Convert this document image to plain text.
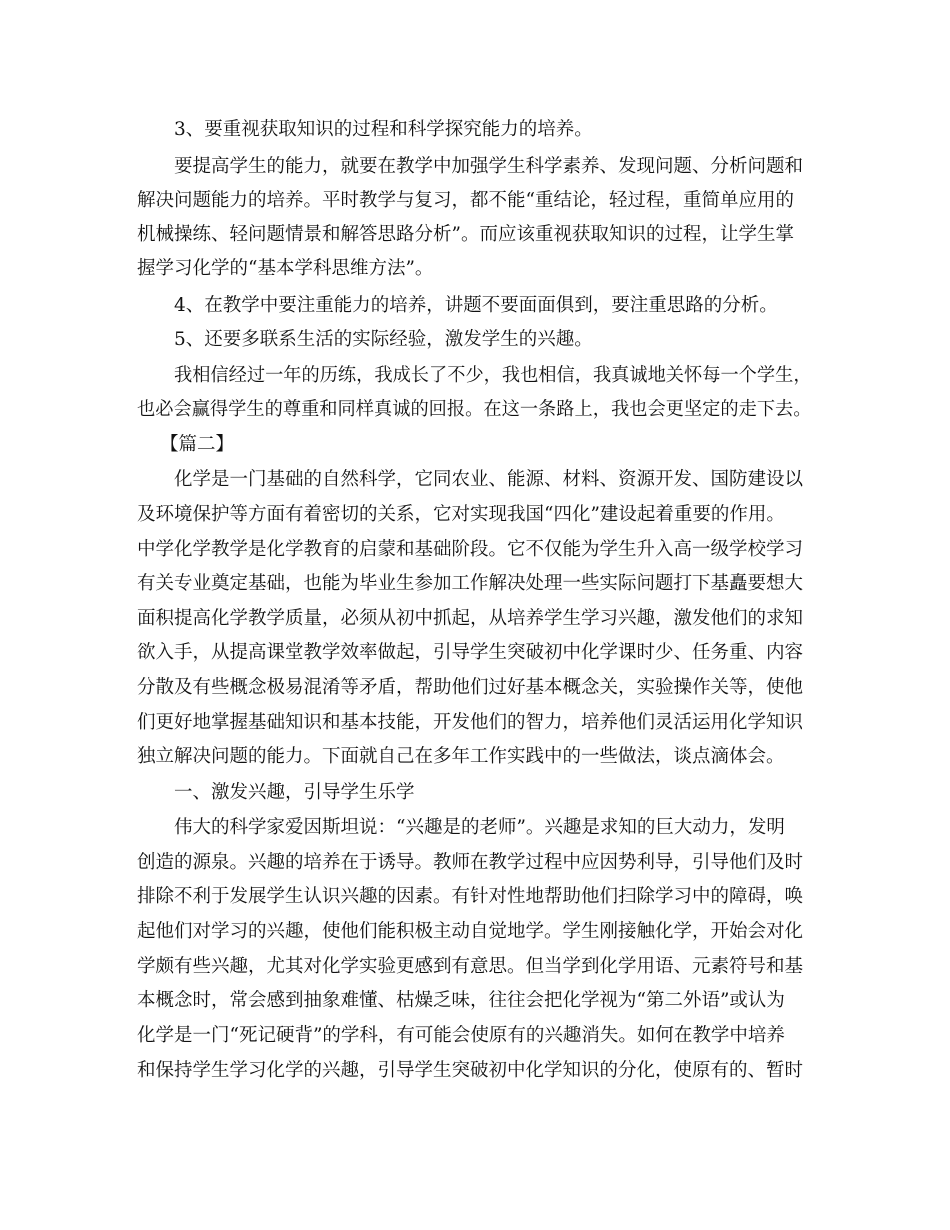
3、要重视获取知识的过程和科学探究能力的培养。

要提高学生的能力，就要在教学中加强学生科学素养、发现问题、分析问题和

解决问题能力的培养。平时教学与复习，都不能“重结论，轻过程，重简单应用的

机械操练、轻问题情景和解答思路分析”。而应该重视获取知识的过程，让学生掌

握学习化学的“基本学科思维方法”。

4、在教学中要注重能力的培养，讲题不要面面俱到，要注重思路的分析。

5、还要多联系生活的实际经验，激发学生的兴趣。

我相信经过一年的历练，我成长了不少，我也相信，我真诚地关怀每一个学生，

也必会赢得学生的尊重和同样真诚的回报。在这一条路上，我也会更坚定的走下去。

【篇二】

化学是一门基础的自然科学，它同农业、能源、材料、资源开发、国防建设以

及环境保护等方面有着密切的关系，它对实现我国“四化”建设起着重要的作用。

中学化学教学是化学教育的启蒙和基础阶段。它不仅能为学生升入高一级学校学习

有关专业奠定基础，也能为毕业生参加工作解决处理一些实际问题打下基矗要想大

面积提高化学教学质量，必须从初中抓起，从培养学生学习兴趣，激发他们的求知

欲入手，从提高课堂教学效率做起，引导学生突破初中化学课时少、任务重、内容

分散及有些概念极易混淆等矛盾，帮助他们过好基本概念关，实验操作关等，使他

们更好地掌握基础知识和基本技能，开发他们的智力，培养他们灵活运用化学知识

独立解决问题的能力。下面就自己在多年工作实践中的一些做法，谈点滴体会。

一、激发兴趣，引导学生乐学

伟大的科学家爱因斯坦说：“兴趣是的老师”。兴趣是求知的巨大动力，发明

创造的源泉。兴趣的培养在于诱导。教师在教学过程中应因势利导，引导他们及时

排除不利于发展学生认识兴趣的因素。有针对性地帮助他们扫除学习中的障碍，唤

起他们对学习的兴趣，使他们能积极主动自觉地学。学生刚接触化学，开始会对化

学颇有些兴趣，尤其对化学实验更感到有意思。但当学到化学用语、元素符号和基

本概念时，常会感到抽象难懂、枯燥乏味，往往会把化学视为“第二外语”或认为

化学是一门“死记硬背”的学科，有可能会使原有的兴趣消失。如何在教学中培养

和保持学生学习化学的兴趣，引导学生突破初中化学知识的分化，使原有的、暂时
